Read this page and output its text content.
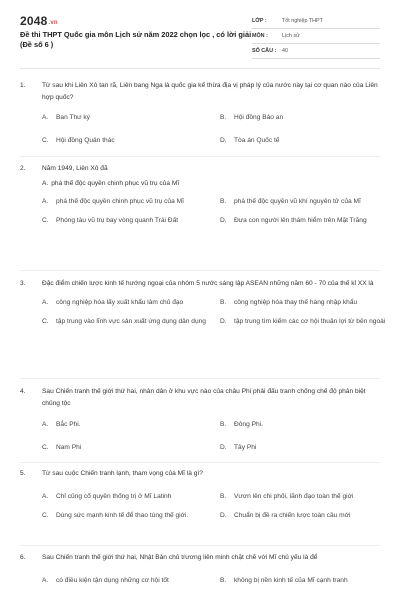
2048.vn
Đề thi THPT Quốc gia môn Lịch sử năm 2022 chọn lọc , có lời giải (Đề số 6 )
LỚP :	Tốt nghiệp THPT
MÔN :	Lịch sử
SỐ CÂU :	40
1.	Từ sau khi Liên Xô tan rã, Liên bang Nga là quốc gia kế thừa địa vị pháp lý của nước này tại cơ quan nào của Liên hợp quốc?
A.	Ban Thư ký	B.	Hội đồng Bảo an
C.	Hội đồng Quản thác	D.	Tòa án Quốc tế
2.	Năm 1949, Liên Xô đã
A. phá thế độc quyền chinh phục vũ trụ của Mĩ
A.	phá thế độc quyền chinh phục vũ trụ của Mĩ	B.	phá thế độc quyền vũ khí nguyên tử của Mĩ
C.	Phóng tàu vũ trụ bay vòng quanh Trái Đất	D.	Đưa con người lên thám hiểm trên Mặt Trăng
3.	Đặc điểm chiến lược kinh tế hướng ngoại của nhóm 5 nước sáng lập ASEAN những năm 60 - 70 của thế kỉ XX là
A.	công nghiệp hóa lấy xuất khẩu làm chủ đạo	B.	công nghiệp hóa thay thế hàng nhập khẩu
C.	tập trung vào lĩnh vực sản xuất ứng dụng dân dụng	D.	tập trung tìm kiếm các cơ hội thuận lợi từ bên ngoài
4.	Sau Chiến tranh thế giới thứ hai, nhân dân ở khu vực nào của châu Phi phải đấu tranh chống chế độ phân biệt chủng tộc
A.	Bắc Phi.	B.	Đông Phi.
C.	Nam Phi	D.	Tây Phi
5.	Từ sau cuộc Chiến tranh lạnh, tham vọng của Mĩ là gì?
A.	Chỉ củng cố quyền thống trị ở Mĩ Latinh	B.	Vươn lên chi phối, lãnh đạo toàn thế giới
C.	Dùng sức mạnh kinh tế để thao túng thế giới.	D.	Chuẩn bị đề ra chiến lược toàn cầu mới
6.	Sau Chiến tranh thế giới thứ hai, Nhật Bản chủ trương liên minh chặt chẽ với Mĩ chủ yếu là để
A.	có điều kiện tận dụng những cơ hội tốt	B.	không bị nền kinh tế của Mĩ cạnh tranh
